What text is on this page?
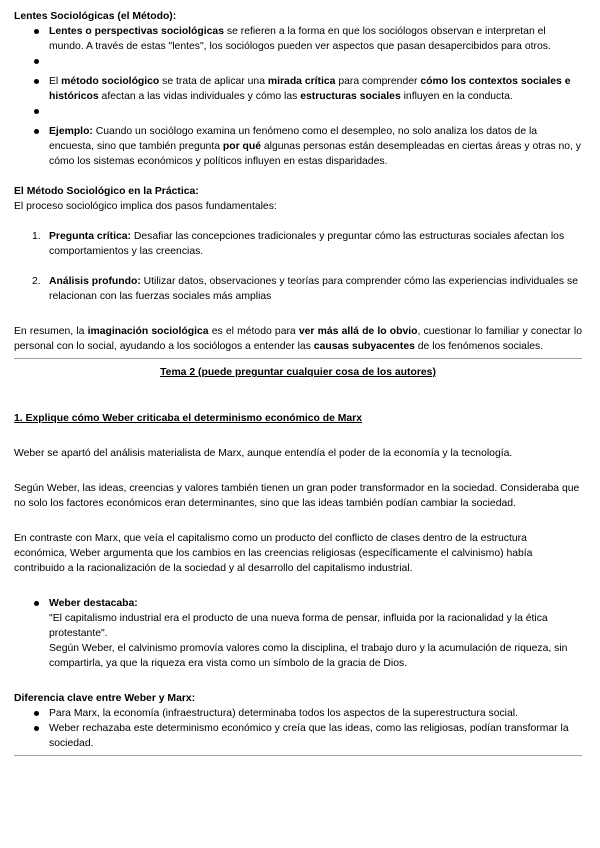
Lentes Sociológicas (el Método):

Lentes o perspectivas sociológicas se refieren a la forma en que los sociólogos observan e interpretan el mundo. A través de estas "lentes", los sociólogos pueden ver aspectos que pasan desapercibidos para otros.
El método sociológico se trata de aplicar una mirada crítica para comprender cómo los contextos sociales e históricos afectan a las vidas individuales y cómo las estructuras sociales influyen en la conducta.
Ejemplo: Cuando un sociólogo examina un fenómeno como el desempleo, no solo analiza los datos de la encuesta, sino que también pregunta por qué algunas personas están desempleadas en ciertas áreas y otras no, y cómo los sistemas económicos y políticos influyen en estas disparidades.

El Método Sociológico en la Práctica:

El proceso sociológico implica dos pasos fundamentales:

1. Pregunta crítica: Desafiar las concepciones tradicionales y preguntar cómo las estructuras sociales afectan los comportamientos y las creencias.
2. Análisis profundo: Utilizar datos, observaciones y teorías para comprender cómo las experiencias individuales se relacionan con las fuerzas sociales más amplias

En resumen, la imaginación sociológica es el método para ver más allá de lo obvio, cuestionar lo familiar y conectar lo personal con lo social, ayudando a los sociólogos a entender las causas subyacentes de los fenómenos sociales.

Tema 2 (puede preguntar cualquier cosa de los autores)

1. Explique cómo Weber criticaba el determinismo económico de Marx

Weber se apartó del análisis materialista de Marx, aunque entendía el poder de la economía y la tecnología.

Según Weber, las ideas, creencias y valores también tienen un gran poder transformador en la sociedad. Consideraba que no solo los factores económicos eran determinantes, sino que las ideas también podían cambiar la sociedad.

En contraste con Marx, que veía el capitalismo como un producto del conflicto de clases dentro de la estructura económica, Weber argumenta que los cambios en las creencias religiosas (específicamente el calvinismo) había contribuido a la racionalización de la sociedad y al desarrollo del capitalismo industrial.

Weber destacaba:
"El capitalismo industrial era el producto de una nueva forma de pensar, influida por la racionalidad y la ética protestante".
Según Weber, el calvinismo promovía valores como la disciplina, el trabajo duro y la acumulación de riqueza, sin compartirla, ya que la riqueza era vista como un símbolo de la gracia de Dios.

Diferencia clave entre Weber y Marx:

Para Marx, la economía (infraestructura) determinaba todos los aspectos de la superestructura social.
Weber rechazaba este determinismo económico y creía que las ideas, como las religiosas, podían transformar la sociedad.
